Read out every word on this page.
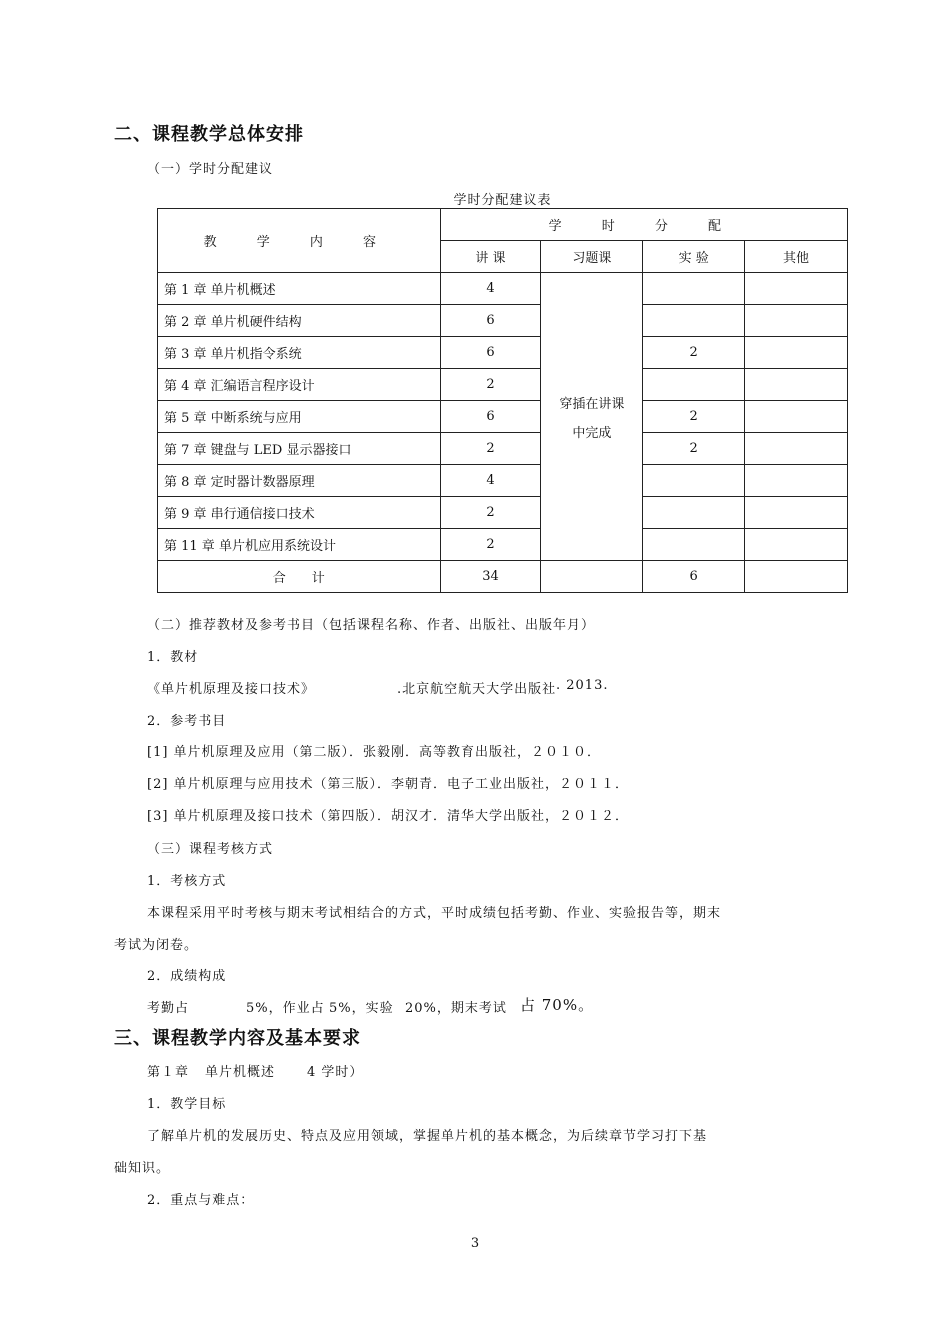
二、课程教学总体安排
（一）学时分配建议
学时分配建议表
教 学 内 容	学 时 分 配			
	讲 课	习题课	实 验	其他
第 1 章 单片机概述	4	穿插在讲课
中完成		

第 2 章 单片机硬件结构	6			
第 3 章 单片机指令系统	6		2	
第 4 章 汇编语言程序设计	2			
第 5 章 中断系统与应用	6		2	
第 7 章 键盘与 LED 显示器接口	2		2	
第 8 章 定时器计数器原理	4			
第 9 章 串行通信接口技术	2			
第 11 章 单片机应用系统设计	2			
合　　计	34		6	
（二）推荐教材及参考书目（包括课程名称、作者、出版社、出版年月）
1．教材
《单片机原理及接口技术》	.北京航空航天大学出版社 . 2013.
2．参考书目
[1] 单片机原理及应用（第二版）．张毅刚．高等教育出版社，２０１０．
[2] 单片机原理与应用技术（第三版）．李朝青．电子工业出版社，２０１１．
[3] 单片机原理及接口技术（第四版）．胡汉才．清华大学出版社，２０１２．
（三）课程考核方式
1．考核方式
本课程采用平时考核与期末考试相结合的方式，平时成绩包括考勤、作业、实验报告等，期末
考试为闭卷。
2．成绩构成
考勤占	5%，作业占 5%，实验 20%，期末考试 占 70%。
三、课程教学内容及基本要求
第１章 单片机概述 4 学时）
1．教学目标
了解单片机的发展历史、特点及应用领域，掌握单片机的基本概念，为后续章节学习打下基
础知识。
2．重点与难点：
3
